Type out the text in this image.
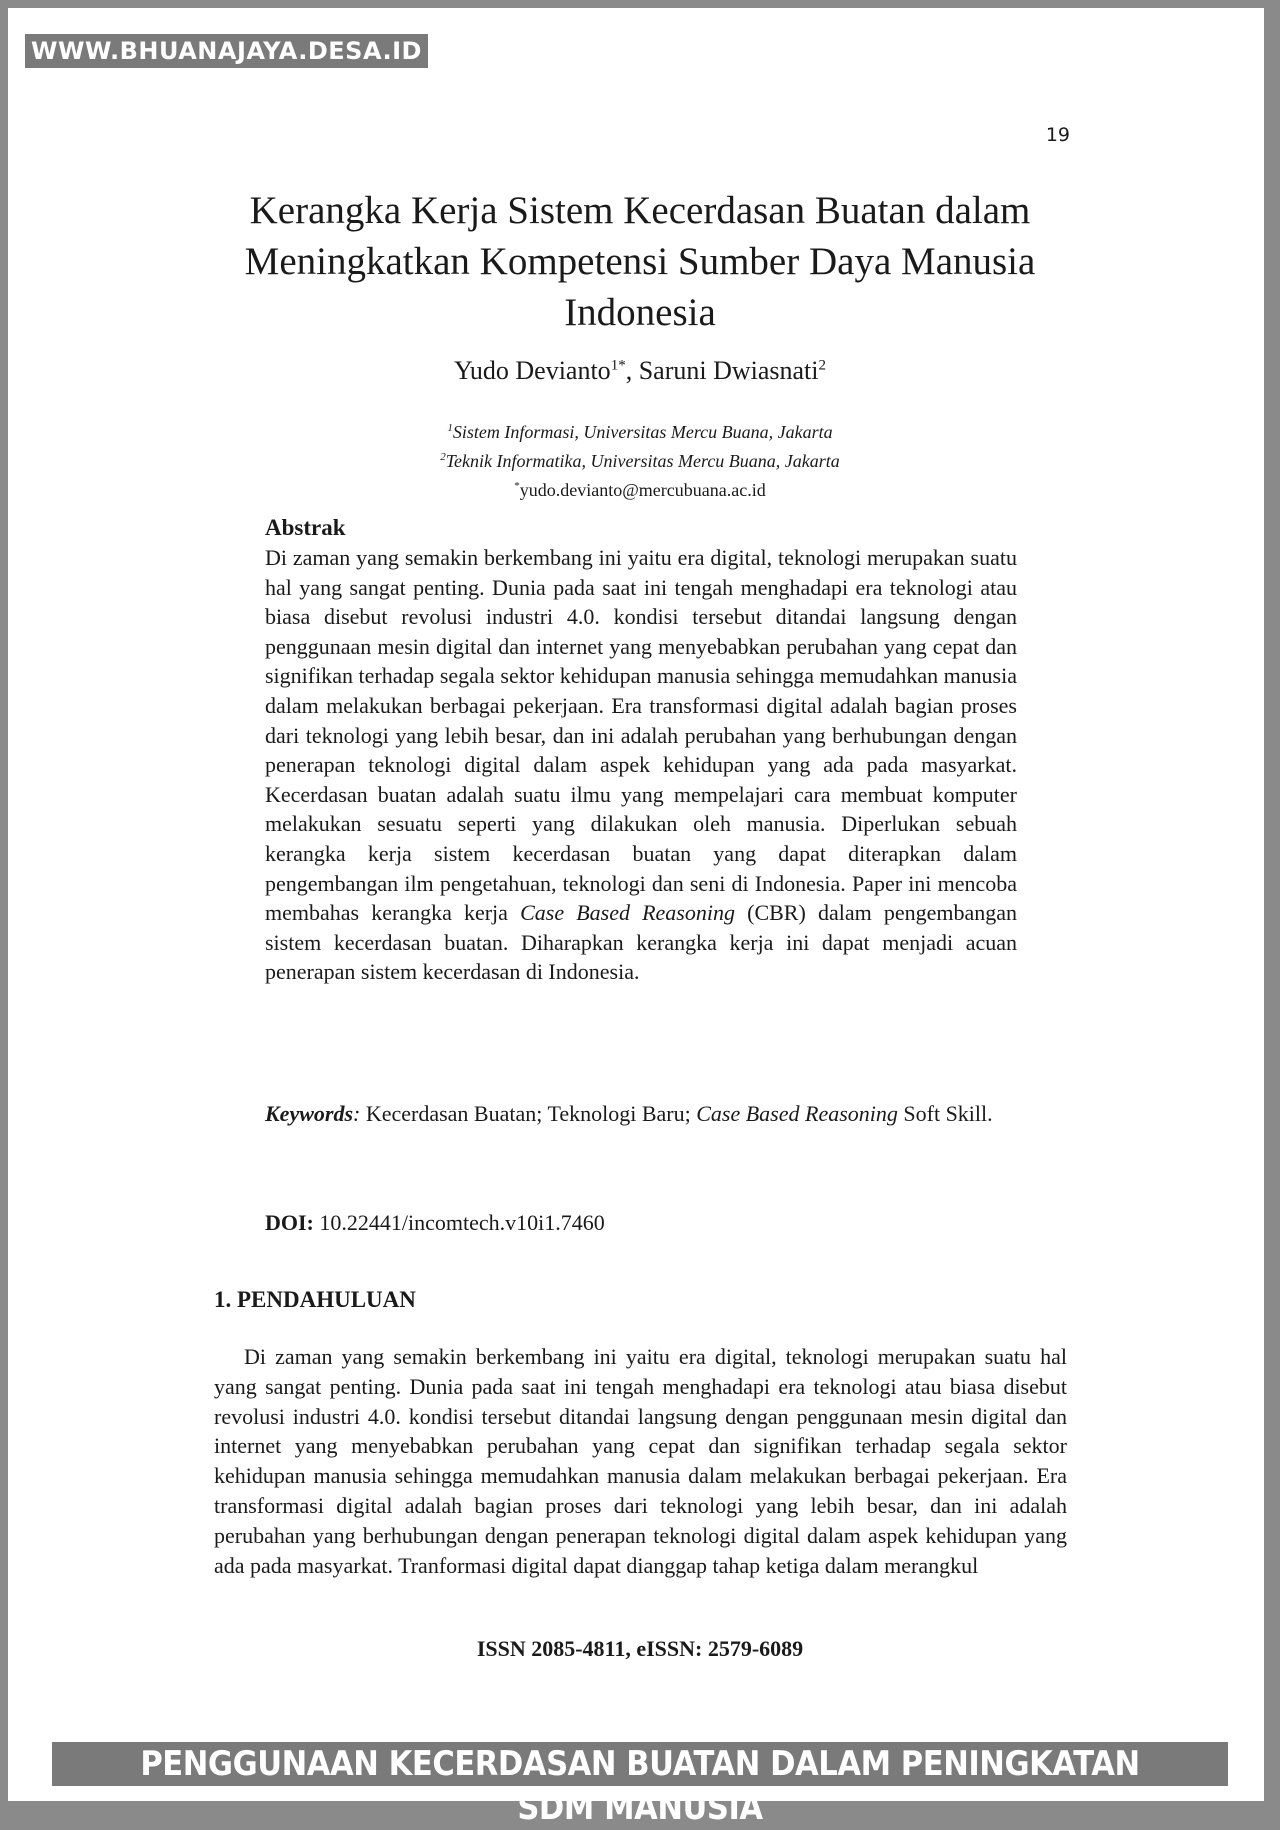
WWW.BHUANAJAYA.DESA.ID
19
Kerangka Kerja Sistem Kecerdasan Buatan dalam Meningkatkan Kompetensi Sumber Daya Manusia Indonesia
Yudo Devianto$^{1*}$, Saruni Dwiasnati$^2$
$^1$Sistem Informasi, Universitas Mercu Buana, Jakarta
$^2$Teknik Informatika, Universitas Mercu Buana, Jakarta
*yudo.devianto@mercubuana.ac.id
Abstrak

Di zaman yang semakin berkembang ini yaitu era digital, teknologi merupakan suatu hal yang sangat penting. Dunia pada saat ini tengah menghadapi era teknologi atau biasa disebut revolusi industri 4.0. kondisi tersebut ditandai langsung dengan penggunaan mesin digital dan internet yang menyebabkan perubahan yang cepat dan signifikan terhadap segala sektor kehidupan manusia sehingga memudahkan manusia dalam melakukan berbagai pekerjaan. Era transformasi digital adalah bagian proses dari teknologi yang lebih besar, dan ini adalah perubahan yang berhubungan dengan penerapan teknologi digital dalam aspek kehidupan yang ada pada masyarkat. Kecerdasan buatan adalah suatu ilmu yang mempelajari cara membuat komputer melakukan sesuatu seperti yang dilakukan oleh manusia. Diperlukan sebuah kerangka kerja sistem kecerdasan buatan yang dapat diterapkan dalam pengembangan ilm pengetahuan, teknologi dan seni di Indonesia. Paper ini mencoba membahas kerangka kerja Case Based Reasoning (CBR) dalam pengembangan sistem kecerdasan buatan. Diharapkan kerangka kerja ini dapat menjadi acuan penerapan sistem kecerdasan di Indonesia.

Keywords: Kecerdasan Buatan; Teknologi Baru; Case Based Reasoning Soft Skill.
DOI: 10.22441/incomtech.v10i1.7460
1. PENDAHULUAN

Di zaman yang semakin berkembang ini yaitu era digital, teknologi merupakan suatu hal yang sangat penting. Dunia pada saat ini tengah menghadapi era teknologi atau biasa disebut revolusi industri 4.0. kondisi tersebut ditandai langsung dengan penggunaan mesin digital dan internet yang menyebabkan perubahan yang cepat dan signifikan terhadap segala sektor kehidupan manusia sehingga memudahkan manusia dalam melakukan berbagai pekerjaan. Era transformasi digital adalah bagian proses dari teknologi yang lebih besar, dan ini adalah perubahan yang berhubungan dengan penerapan teknologi digital dalam aspek kehidupan yang ada pada masyarkat. Tranformasi digital dapat dianggap tahap ketiga dalam merangkul

ISSN 2085-4811, eISSN: 2579-6089
PENGGUNAAN KECERDASAN BUATAN DALAM PENINGKATAN SDM MANUSIA
